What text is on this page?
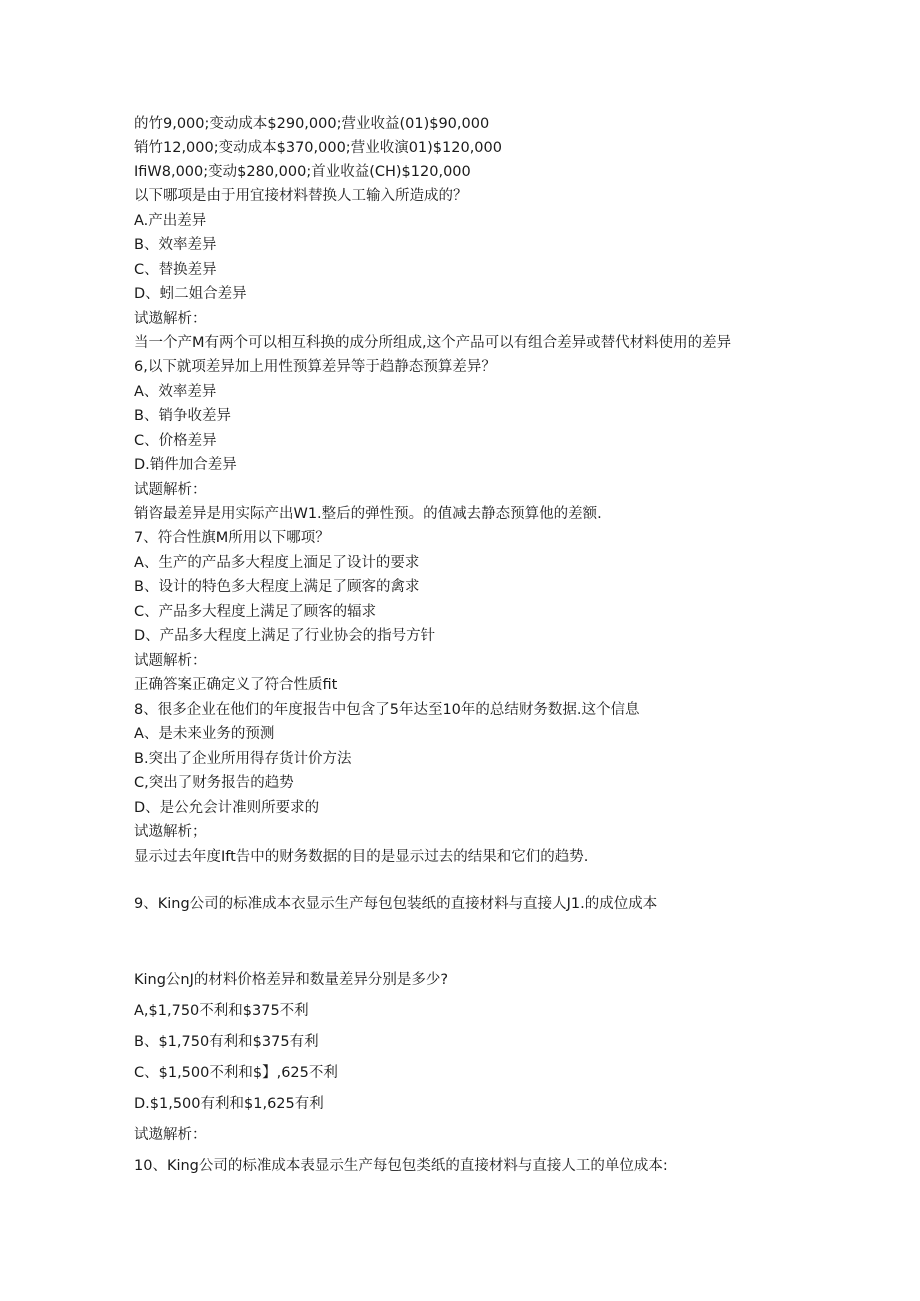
的竹9,000;变动成本$290,000;营业收益(01)$90,000
销竹12,000;变动成本$370,000;营业收演01)$120,000
IfiW8,000;变动$280,000;首业收益(CH)$120,000
以下哪项是由于用宜接材料替换人工输入所造成的？
A.产出差异
B、效率差异
C、替换差异
D、蚓二姐合差异
试遨解析：
当一个产M有两个可以相互科换的成分所组成,这个产品可以有组合差异或替代材料使用的差异
6,以下就项差异加上用性预算差异等于趋静态预算差异？
A、效率差异
B、销争收差异
C、价格差异
D.销件加合差异
试题解析：
销咨最差异是用实际产出W1.整后的弹性预。的值减去静态预算他的差额.
7、符合性旗M所用以下哪项？
A、生产的产品多大程度上湎足了设计的要求
B、设计的特色多大程度上满足了顾客的禽求
C、产品多大程度上满足了顾客的辐求
D、产品多大程度上满足了行业协会的指号方针
试题解析：
正确答案正确定义了符合性质fit
8、很多企业在他们的年度报告中包含了5年达至10年的总结财务数据.这个信息
A、是未来业务的预测
B.突出了企业所用得存货计价方法
C,突出了财务报告的趋势
D、是公允会计准则所要求的
试遨解析；
显示过去年度Ift告中的财务数据的目的是显示过去的结果和它们的趋势.
9、King公司的标准成本衣显示生产每包包装纸的直接材料与直接人J1.的成位成本
King公nJ的材料价格差异和数量差异分别是多少?
A,$1,750不利和$375不利
B、$1,750有利和$375有利
C、$1,500不利和$】,625不利
D.$1,500有利和$1,625有利
试遨解析：
10、King公司的标准成本表显示生产每包包类纸的直接材料与直接人工的单位成本:
